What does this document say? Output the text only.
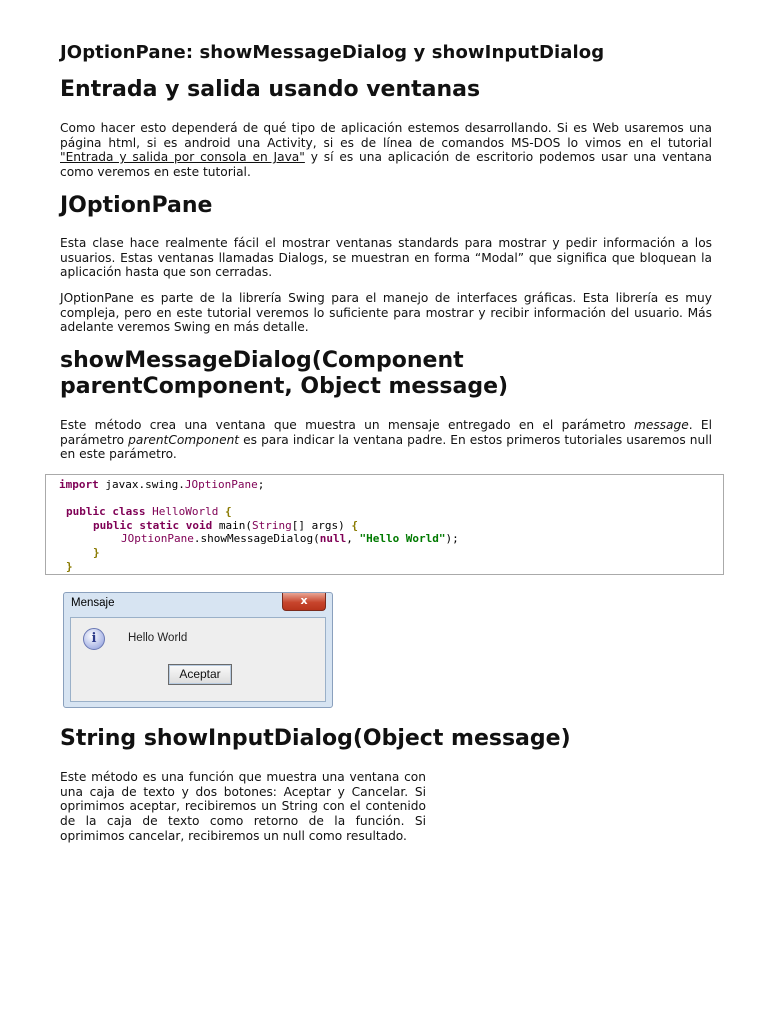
JOptionPane: showMessageDialog y showInputDialog
Entrada y salida usando ventanas

Como hacer esto dependerá de qué tipo de aplicación estemos desarrollando. Si es Web usaremos una página html, si es android una Activity, si es de línea de comandos MS-DOS lo vimos en el tutorial "Entrada y salida por consola en Java" y sí es una aplicación de escritorio podemos usar una ventana como veremos en este tutorial.

JOptionPane

Esta clase hace realmente fácil el mostrar ventanas standards para mostrar y pedir información a los usuarios. Estas ventanas llamadas Dialogs, se muestran en forma “Modal” que significa que bloquean la aplicación hasta que son cerradas.

JOptionPane es parte de la librería Swing para el manejo de interfaces gráficas. Esta librería es muy compleja, pero en este tutorial veremos lo suficiente para mostrar y recibir información del usuario. Más adelante veremos Swing en más detalle.

showMessageDialog(Component
parentComponent, Object message)

Este método crea una ventana que muestra un mensaje entregado en el parámetro message. El parámetro parentComponent es para indicar la ventana padre. En estos primeros tutoriales usaremos null en este parámetro.

import javax.swing.JOptionPane;

public class HelloWorld {
public static void main(String[] args) {
JOptionPane.showMessageDialog(null, "Hello World");
}
}
Mensaje	x
i	Hello World
Aceptar
String showInputDialog(Object message)

Este método es una función que muestra una ventana con una caja de texto y dos botones: Aceptar y Cancelar. Si oprimimos aceptar, recibiremos un String con el contenido de la caja de texto como retorno de la función. Si oprimimos cancelar, recibiremos un null como resultado.
